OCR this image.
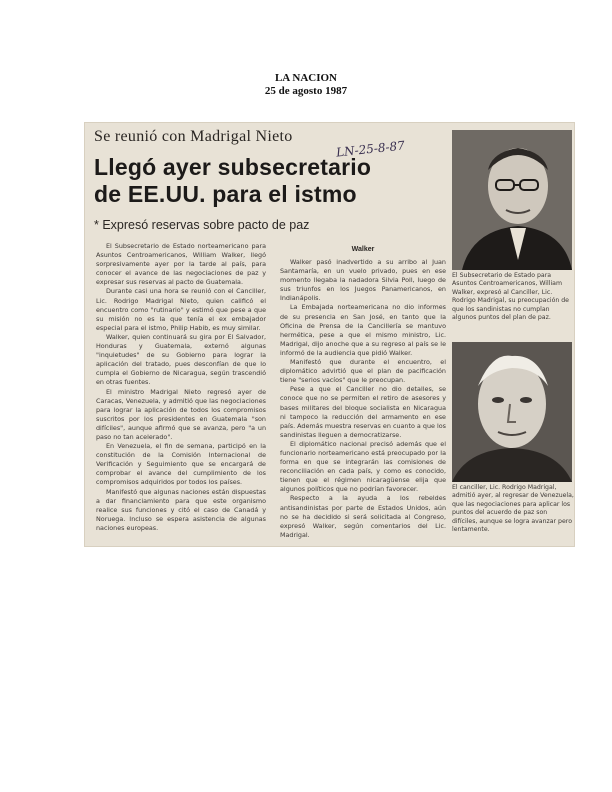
LA NACION
25 de agosto 1987
Se reunió con Madrigal Nieto
LN-25-8-87
Llegó ayer subsecretario
de EE.UU. para el istmo
* Expresó reservas sobre pacto de paz

El Subsecretario de Estado norteamericano para Asuntos Centroamericanos, William Walker, llegó sorpresivamente ayer por la tarde al país, para conocer el avance de las negociaciones de paz y expresar sus reservas al pacto de Guatemala.

Durante casi una hora se reunió con el Canciller, Lic. Rodrigo Madrigal Nieto, quien calificó el encuentro como "rutinario" y estimó que pese a que su misión no es la que tenía el ex embajador especial para el istmo, Philip Habib, es muy similar.

Walker, quien continuará su gira por El Salvador, Honduras y Guatemala, externó algunas "inquietudes" de su Gobierno para lograr la aplicación del tratado, pues desconfían de que lo cumpla el Gobierno de Nicaragua, según trascendió en otras fuentes.

El ministro Madrigal Nieto regresó ayer de Caracas, Venezuela, y admitió que las negociaciones para lograr la aplicación de todos los compromisos suscritos por los presidentes en Guatemala "son difíciles", aunque afirmó que se avanza, pero "a un paso no tan acelerado".

En Venezuela, el fin de semana, participó en la constitución de la Comisión Internacional de Verificación y Seguimiento que se encargará de comprobar el avance del cumplimiento de los compromisos adquiridos por todos los países.

Manifestó que algunas naciones están dispuestas a dar financiamiento para que este organismo realice sus funciones y citó el caso de Canadá y Noruega. Incluso se espera asistencia de algunas naciones europeas.

Walker

Walker pasó inadvertido a su arribo al Juan Santamaría, en un vuelo privado, pues en ese momento llegaba la nadadora Silvia Poll, luego de sus triunfos en los Juegos Panamericanos, en Indianápolis.

La Embajada norteamericana no dio informes de su presencia en San José, en tanto que la Oficina de Prensa de la Cancillería se mantuvo hermética, pese a que el mismo ministro, Lic. Madrigal, dijo anoche que a su regreso al país se le informó de la audiencia que pidió Walker.

Manifestó que durante el encuentro, el diplomático advirtió que el plan de pacificación tiene "serios vacíos" que le preocupan.

Pese a que el Canciller no dio detalles, se conoce que no se permiten el retiro de asesores y bases militares del bloque socialista en Nicaragua ni tampoco la reducción del armamento en ese país. Además muestra reservas en cuanto a que los sandinistas lleguen a democratizarse.

El diplomático nacional precisó además que el funcionario norteamericano está preocupado por la forma en que se integrarán las comisiones de reconciliación en cada país, y como es conocido, tienen que el régimen nicaragüense elija que algunos políticos que no podrían favorecer.

Respecto a la ayuda a los rebeldes antisandinistas por parte de Estados Unidos, aún no se ha decidido si será solicitada al Congreso, expresó Walker, según comentarios del Lic. Madrigal.

El Subsecretario de Estado para Asuntos Centroamericanos, William Walker, expresó al Canciller, Lic. Rodrigo Madrigal, su preocupación de que los sandinistas no cumplan algunos puntos del plan de paz.
El canciller, Lic. Rodrigo Madrigal, admitió ayer, al regresar de Venezuela, que las negociaciones para aplicar los puntos del acuerdo de paz son difíciles, aunque se logra avanzar pero lentamente.
